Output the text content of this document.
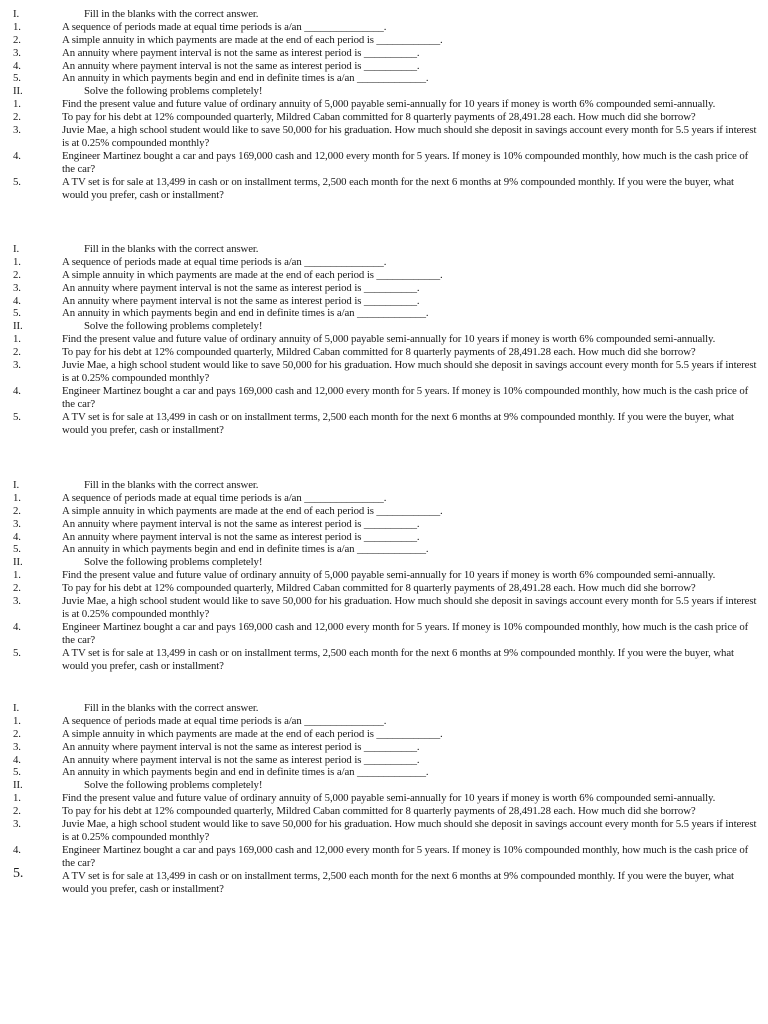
I.	Fill in the blanks with the correct answer.
1.	A sequence of periods made at equal time periods is a/an _______________.
2.	A simple annuity in which payments are made at the end of each period is ____________.
3.	An annuity where payment interval is not the same as interest period is __________.
4.	An annuity where payment interval is not the same as interest period is __________.
5.	An annuity in which payments begin and end in definite times is a/an _____________.
II.	Solve the following problems completely!
1.	Find the present value and future value of ordinary annuity of 5,000 payable semi-annually for 10 years if money is worth 6% compounded semi-annually.
2.	To pay for his debt at 12% compounded quarterly, Mildred Caban committed for 8 quarterly payments of 28,491.28 each. How much did she borrow?
3.	Juvie Mae, a high school student would like to save 50,000 for his graduation. How much should she deposit in savings account every month for 5.5 years if interest is at 0.25% compounded monthly?
4.	Engineer Martinez bought a car and pays 169,000 cash and 12,000 every month for 5 years. If money is 10% compounded monthly, how much is the cash price of the car?
5.	A TV set is for sale at 13,499 in cash or on installment terms, 2,500 each month for the next 6 months at 9% compounded monthly. If you were the buyer, what would you prefer, cash or installment?
I.	Fill in the blanks with the correct answer.
1.	A sequence of periods made at equal time periods is a/an _______________.
2.	A simple annuity in which payments are made at the end of each period is ____________.
3.	An annuity where payment interval is not the same as interest period is __________.
4.	An annuity where payment interval is not the same as interest period is __________.
5.	An annuity in which payments begin and end in definite times is a/an _____________.
II.	Solve the following problems completely!
1.	Find the present value and future value of ordinary annuity of 5,000 payable semi-annually for 10 years if money is worth 6% compounded semi-annually.
2.	To pay for his debt at 12% compounded quarterly, Mildred Caban committed for 8 quarterly payments of 28,491.28 each. How much did she borrow?
3.	Juvie Mae, a high school student would like to save 50,000 for his graduation. How much should she deposit in savings account every month for 5.5 years if interest is at 0.25% compounded monthly?
4.	Engineer Martinez bought a car and pays 169,000 cash and 12,000 every month for 5 years. If money is 10% compounded monthly, how much is the cash price of the car?
5.	A TV set is for sale at 13,499 in cash or on installment terms, 2,500 each month for the next 6 months at 9% compounded monthly. If you were the buyer, what would you prefer, cash or installment?
I.	Fill in the blanks with the correct answer.
1.	A sequence of periods made at equal time periods is a/an _______________.
2.	A simple annuity in which payments are made at the end of each period is ____________.
3.	An annuity where payment interval is not the same as interest period is __________.
4.	An annuity where payment interval is not the same as interest period is __________.
5.	An annuity in which payments begin and end in definite times is a/an _____________.
II.	Solve the following problems completely!
1.	Find the present value and future value of ordinary annuity of 5,000 payable semi-annually for 10 years if money is worth 6% compounded semi-annually.
2.	To pay for his debt at 12% compounded quarterly, Mildred Caban committed for 8 quarterly payments of 28,491.28 each. How much did she borrow?
3.	Juvie Mae, a high school student would like to save 50,000 for his graduation. How much should she deposit in savings account every month for 5.5 years if interest is at 0.25% compounded monthly?
4.	Engineer Martinez bought a car and pays 169,000 cash and 12,000 every month for 5 years. If money is 10% compounded monthly, how much is the cash price of the car?
5.	A TV set is for sale at 13,499 in cash or on installment terms, 2,500 each month for the next 6 months at 9% compounded monthly. If you were the buyer, what would you prefer, cash or installment?
I.	Fill in the blanks with the correct answer.
1.	A sequence of periods made at equal time periods is a/an _______________.
2.	A simple annuity in which payments are made at the end of each period is ____________.
3.	An annuity where payment interval is not the same as interest period is __________.
4.	An annuity where payment interval is not the same as interest period is __________.
5.	An annuity in which payments begin and end in definite times is a/an _____________.
II.	Solve the following problems completely!
1.	Find the present value and future value of ordinary annuity of 5,000 payable semi-annually for 10 years if money is worth 6% compounded semi-annually.
2.	To pay for his debt at 12% compounded quarterly, Mildred Caban committed for 8 quarterly payments of 28,491.28 each. How much did she borrow?
3.	Juvie Mae, a high school student would like to save 50,000 for his graduation. How much should she deposit in savings account every month for 5.5 years if interest is at 0.25% compounded monthly?
4.	Engineer Martinez bought a car and pays 169,000 cash and 12,000 every month for 5 years. If money is 10% compounded monthly, how much is the cash price of the car?
5.	A TV set is for sale at 13,499 in cash or on installment terms, 2,500 each month for the next 6 months at 9% compounded monthly. If you were the buyer, what would you prefer, cash or installment?
